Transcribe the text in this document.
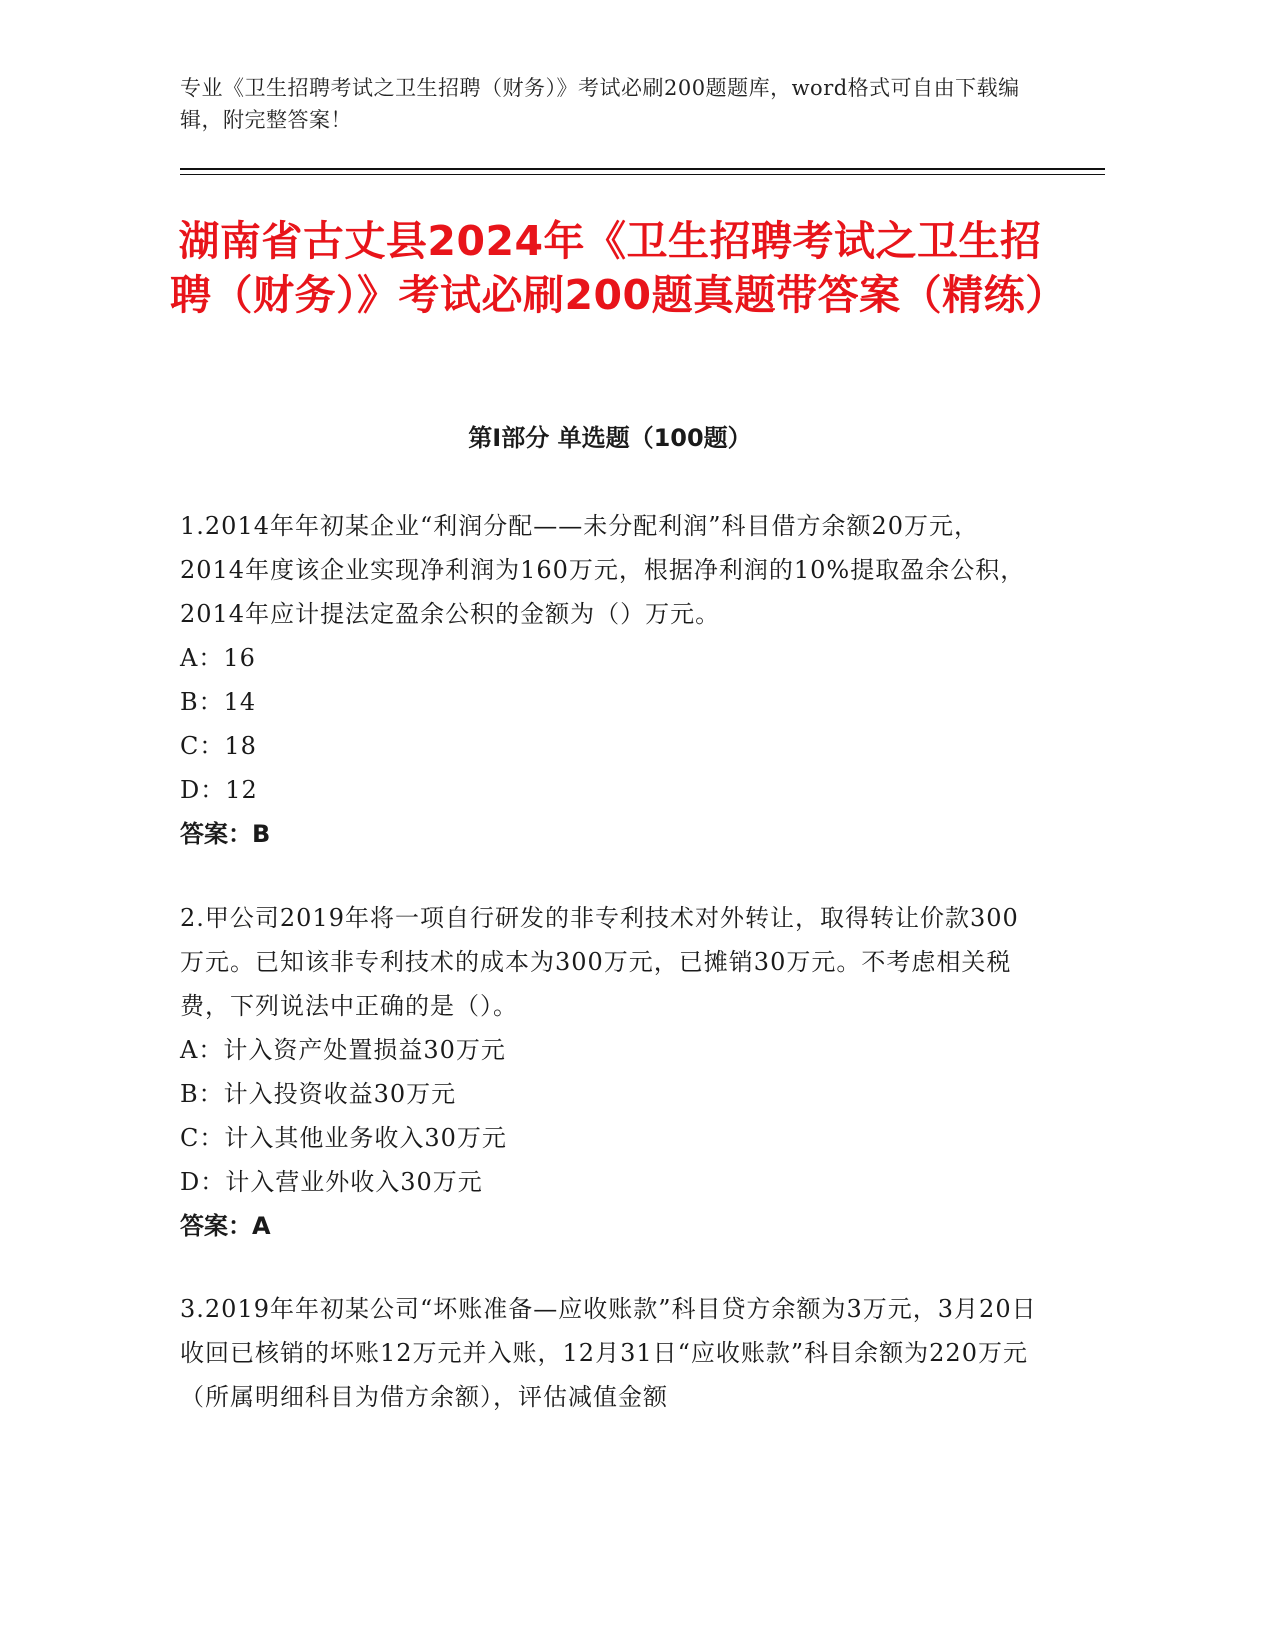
专业《卫生招聘考试之卫生招聘（财务）》考试必刷200题题库，word格式可自由下载编辑，附完整答案！
湖南省古丈县2024年《卫生招聘考试之卫生招聘（财务）》考试必刷200题真题带答案（精练）
第Ⅰ部分 单选题（100题）

1.2014年年初某企业“利润分配——未分配利润”科目借方余额20万元，2014年度该企业实现净利润为160万元，根据净利润的10%提取盈余公积，2014年应计提法定盈余公积的金额为（）万元。

A：16

B：14

C：18

D：12

答案：B

2.甲公司2019年将一项自行研发的非专利技术对外转让，取得转让价款300万元。已知该非专利技术的成本为300万元，已摊销30万元。不考虑相关税费，下列说法中正确的是（）。

A：计入资产处置损益30万元

B：计入投资收益30万元

C：计入其他业务收入30万元

D：计入营业外收入30万元

答案：A

3.2019年年初某公司“坏账准备—应收账款”科目贷方余额为3万元，3月20日收回已核销的坏账12万元并入账，12月31日“应收账款”科目余额为220万元（所属明细科目为借方余额），评估减值金额
